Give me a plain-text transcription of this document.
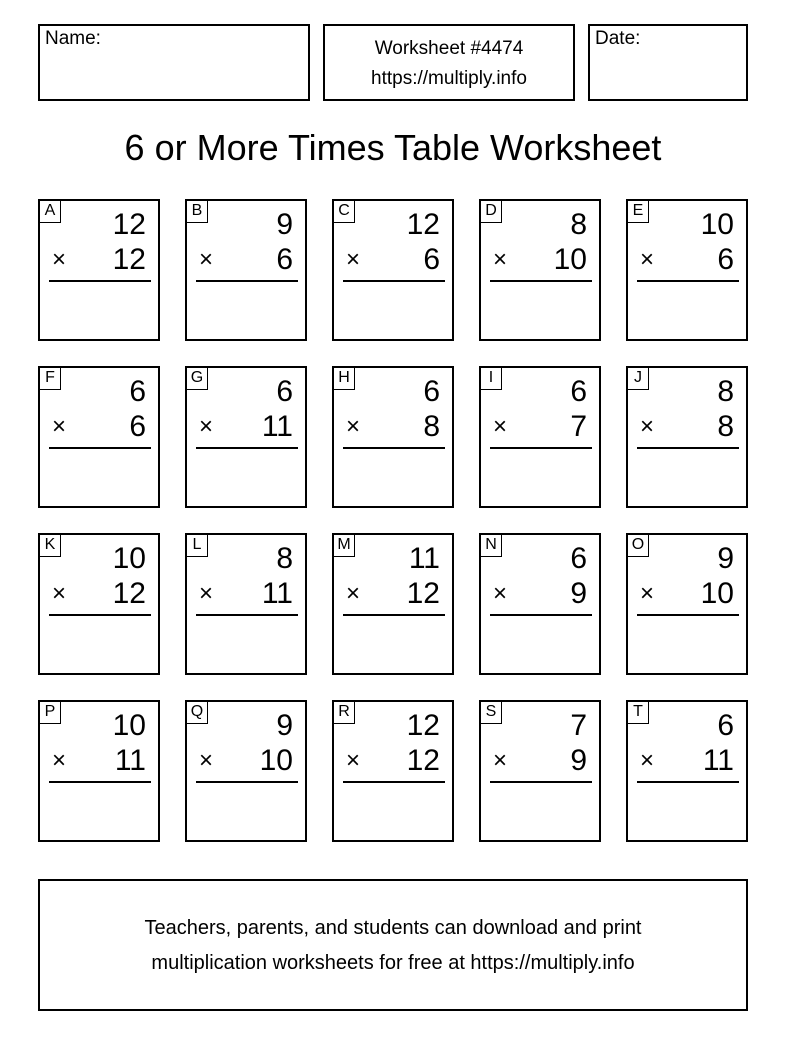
Name:	Worksheet #4474
https://multiply.info
Date:
6 or More Times Table Worksheet
A 12
× 12
B 9
× 6
C 12
× 6
D 8
× 10
E 10
× 6
F 6
× 6
G 6
× 11
H 6
× 8
I	6
× 7
J	8
× 8
K 10
× 12
L 8
× 11
M 11
× 12
N 6
× 9
O 9
× 10
P 10
× 11
Q 9
× 10
R 12
× 12
S 7
× 9
T 6
× 11
Teachers, parents, and students can download and print
multiplication worksheets for free at https://multiply.info
